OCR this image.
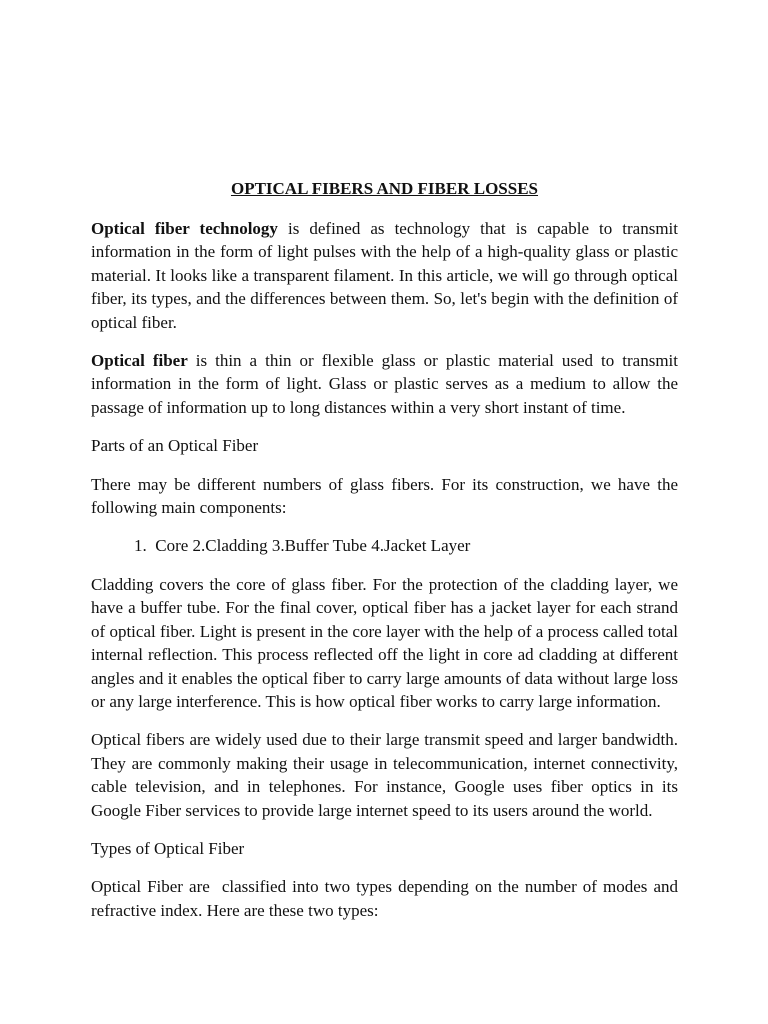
OPTICAL FIBERS AND FIBER LOSSES

Optical fiber technology is defined as technology that is capable to transmit information in the form of light pulses with the help of a high-quality glass or plastic material. It looks like a transparent filament. In this article, we will go through optical fiber, its types, and the differences between them. So, let's begin with the definition of optical fiber.

Optical fiber is thin a thin or flexible glass or plastic material used to transmit information in the form of light. Glass or plastic serves as a medium to allow the passage of information up to long distances within a very short instant of time.

Parts of an Optical Fiber

There may be different numbers of glass fibers. For its construction, we have the following main components:

1.  Core 2.Cladding 3.Buffer Tube 4.Jacket Layer

Cladding covers the core of glass fiber. For the protection of the cladding layer, we have a buffer tube. For the final cover, optical fiber has a jacket layer for each strand of optical fiber. Light is present in the core layer with the help of a process called total internal reflection. This process reflected off the light in core ad cladding at different angles and it enables the optical fiber to carry large amounts of data without large loss or any large interference. This is how optical fiber works to carry large information.

Optical fibers are widely used due to their large transmit speed and larger bandwidth. They are commonly making their usage in telecommunication, internet connectivity, cable television, and in telephones. For instance, Google uses fiber optics in its Google Fiber services to provide large internet speed to its users around the world.

Types of Optical Fiber

Optical Fiber are  classified into two types depending on the number of modes and refractive index. Here are these two types:
